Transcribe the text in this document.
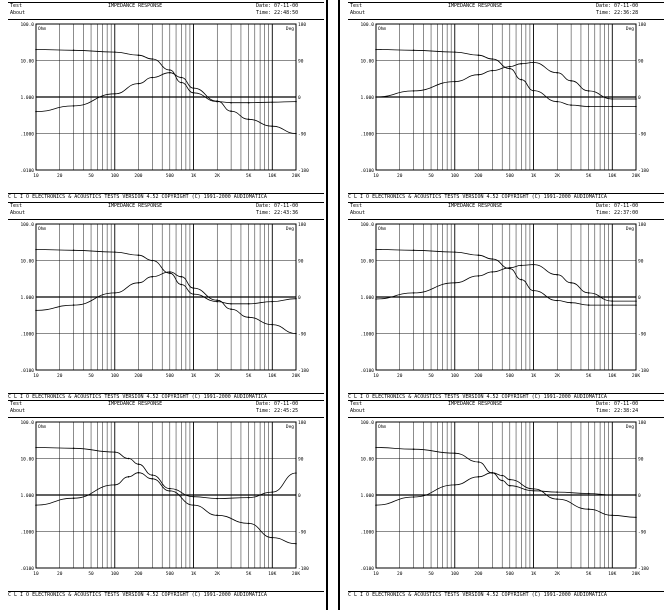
Test
About
IMPEDANCE RESPONSE	Date: 07-11-00
Time: 22:48:50
100.0
10.00
1.000
.1000
.0100
180
90
0
-90
-180
Ohm	Deg
10	20	50	100	200	500	1K	2K	5K	10K	20K
C L I O ELECTRONICS & ACOUSTICS TESTS VERSION 4.52 COPYRIGHT (C) 1991-2000 AUDIOMATICA
Test
About
IMPEDANCE RESPONSE	Date: 07-11-00
Time: 22:43:36
100.0
10.00
1.000
.1000
.0100
180
90
0
-90
-180
Ohm	Deg
10	20	50	100	200	500	1K	2K	5K	10K	20K
C L I O ELECTRONICS & ACOUSTICS TESTS VERSION 4.52 COPYRIGHT (C) 1991-2000 AUDIOMATICA
Test
About
IMPEDANCE RESPONSE	Date: 07-11-00
Time: 22:45:25
100.0
10.00
1.000
.1000
.0100
180
90
0
-90
-180
Ohm	Deg
10	20	50	100	200	500	1K	2K	5K	10K	20K
C L I O ELECTRONICS & ACOUSTICS TESTS VERSION 4.52 COPYRIGHT (C) 1991-2000 AUDIOMATICA
Test
About
IMPEDANCE RESPONSE	Date: 07-11-00
Time: 22:36:28
100.0
10.00
1.000
.1000
.0100
180
90
0
-90
-180
Ohm	Deg
10	20	50	100	200	500	1K	2K	5K	10K	20K
C L I O ELECTRONICS & ACOUSTICS TESTS VERSION 4.52 COPYRIGHT (C) 1991-2000 AUDIOMATICA
Test
About
IMPEDANCE RESPONSE	Date: 07-11-00
Time: 22:37:00
100.0
10.00
1.000
.1000
.0100
180
90
0
-90
-180
Ohm	Deg
10	20	50	100	200	500	1K	2K	5K	10K	20K
C L I O ELECTRONICS & ACOUSTICS TESTS VERSION 4.52 COPYRIGHT (C) 1991-2000 AUDIOMATICA
Test
About
IMPEDANCE RESPONSE	Date: 07-11-00
Time: 22:38:24
100.0
10.00
1.000
.1000
.0100
180
90
0
-90
-180
Ohm	Deg
10	20	50	100	200	500	1K	2K	5K	10K	20K
C L I O ELECTRONICS & ACOUSTICS TESTS VERSION 4.52 COPYRIGHT (C) 1991-2000 AUDIOMATICA
